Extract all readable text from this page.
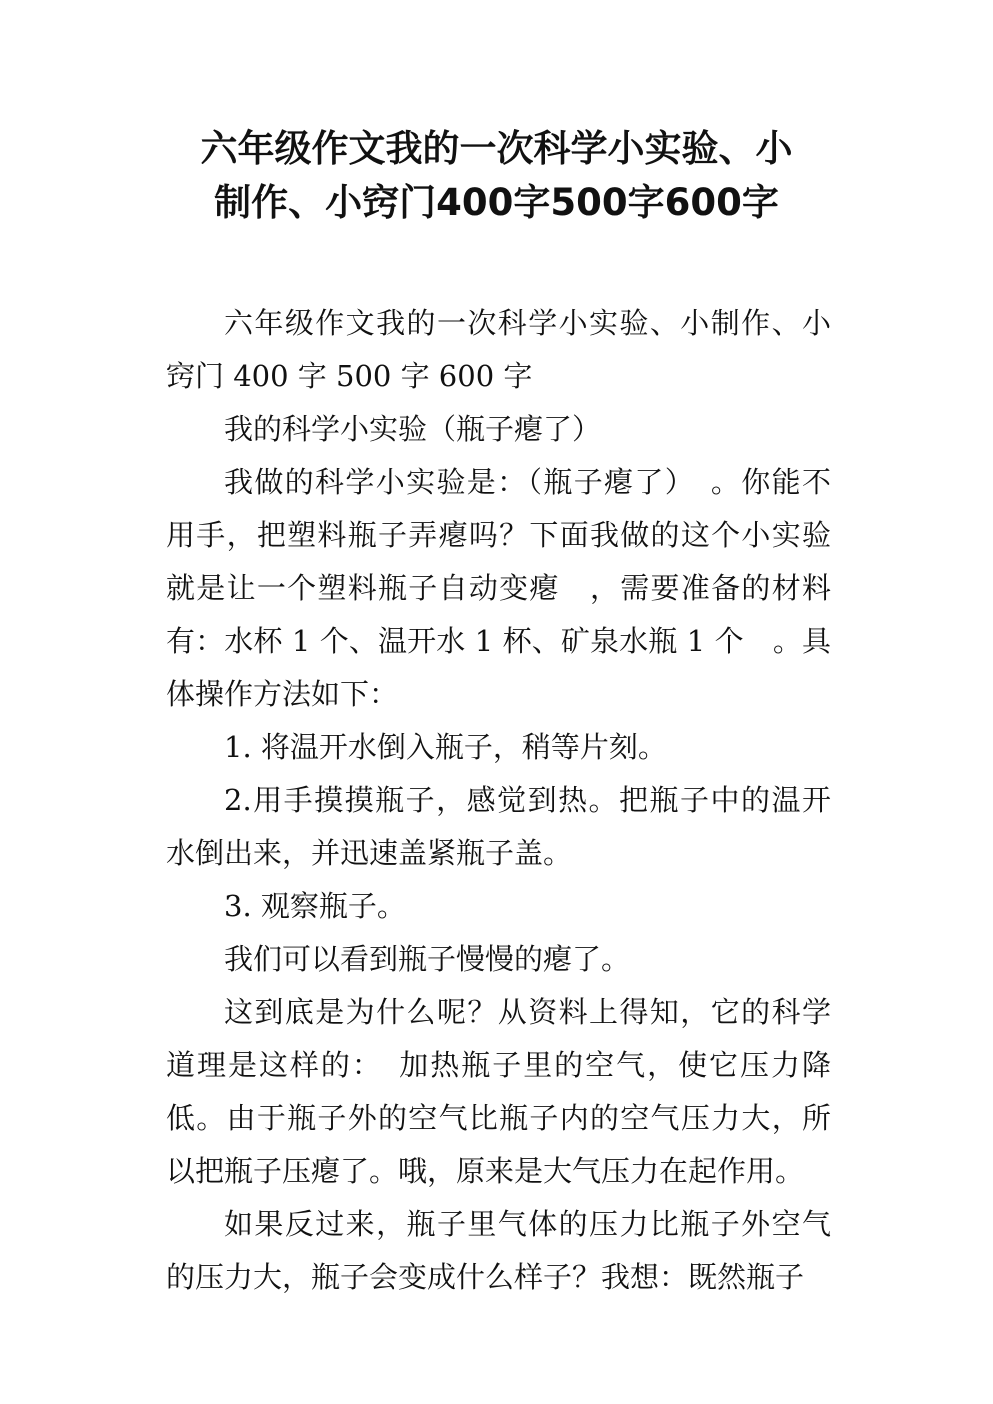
六年级作文我的一次科学小实验、小
制作、小窍门400字500字600字

六年级作文我的一次科学小实验、小制作、小窍门 400 字 500 字 600 字

我的科学小实验（瓶子瘪了）

我做的科学小实验是：（瓶子瘪了）　。你能不用手，把塑料瓶子弄瘪吗？下面我做的这个小实验就是让一个塑料瓶子自动变瘪　，需要准备的材料有：水杯 1 个、温开水 1 杯、矿泉水瓶 1 个　。具体操作方法如下：

1. 将温开水倒入瓶子，稍等片刻。

2.用手摸摸瓶子，感觉到热。把瓶子中的温开水倒出来，并迅速盖紧瓶子盖。

3. 观察瓶子。

我们可以看到瓶子慢慢的瘪了。

这到底是为什么呢？从资料上得知，它的科学道理是这样的：　加热瓶子里的空气，使它压力降低。由于瓶子外的空气比瓶子内的空气压力大，所以把瓶子压瘪了。哦，原来是大气压力在起作用。

如果反过来，瓶子里气体的压力比瓶子外空气的压力大，瓶子会变成什么样子？我想：既然瓶子
